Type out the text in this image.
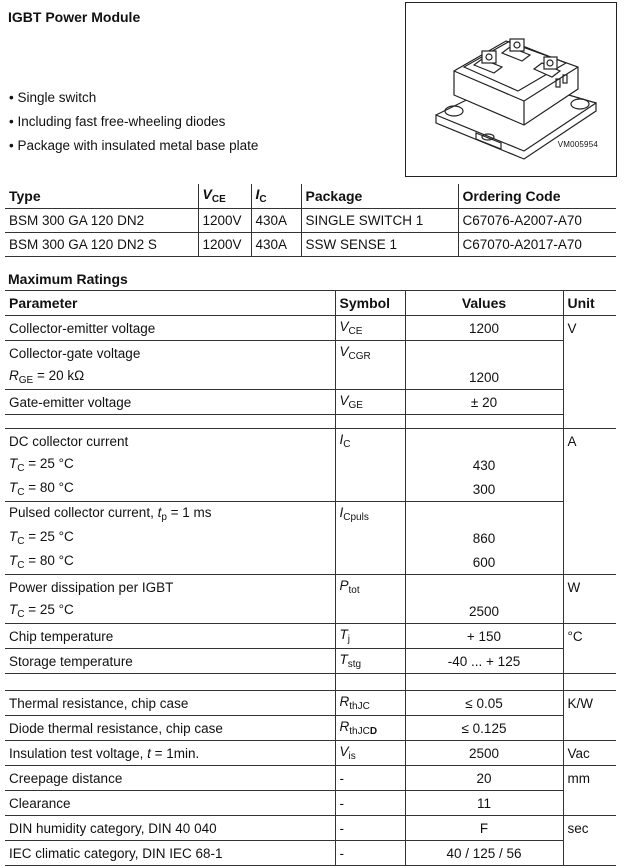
IGBT Power Module
• Single switch
• Including fast free-wheeling diodes
• Package with insulated metal base plate	VM005954
Type	$V_{CE}$	$I_C$	Package	Ordering Code
BSM 300 GA 120 DN2	1200V	430A	SINGLE SWITCH 1	C67076-A2007-A70
BSM 300 GA 120 DN2 S	1200V	430A	SSW SENSE 1	C67070-A2017-A70
Maximum Ratings
Parameter	Symbol	Values	Unit
Collector-emitter voltage	$V_{CE}$	1200	V
Collector-gate voltage	$V_{CGR}$		
$R_{GE} = 20$ kΩ		1200	
Gate-emitter voltage	$V_{GE}$	± 20	

DC collector current	$I_C$		A
$T_C = 25$ °C		430	
$T_C = 80$ °C		300	
Pulsed collector current, $t_p = 1$ ms	$I_{Cpuls}$		
$T_C = 25$ °C		860	
$T_C = 80$ °C		600	
Power dissipation per IGBT	$P_{tot}$		W
$T_C = 25$ °C		2500	
Chip temperature	$T_j$	+ 150	°C
Storage temperature	$T_{stg}$	-40 ... + 125	

Thermal resistance, chip case	$R_{thJC}$	≤ 0.05	K/W
Diode thermal resistance, chip case	$R_{thJCD}$	≤ 0.125	
Insulation test voltage, t = 1min.	$V_{is}$	2500	Vac
Creepage distance	-	20	mm
Clearance	-	11	
DIN humidity category, DIN 40 040	-	F	sec
IEC climatic category, DIN IEC 68-1	-	40 / 125 / 56	
